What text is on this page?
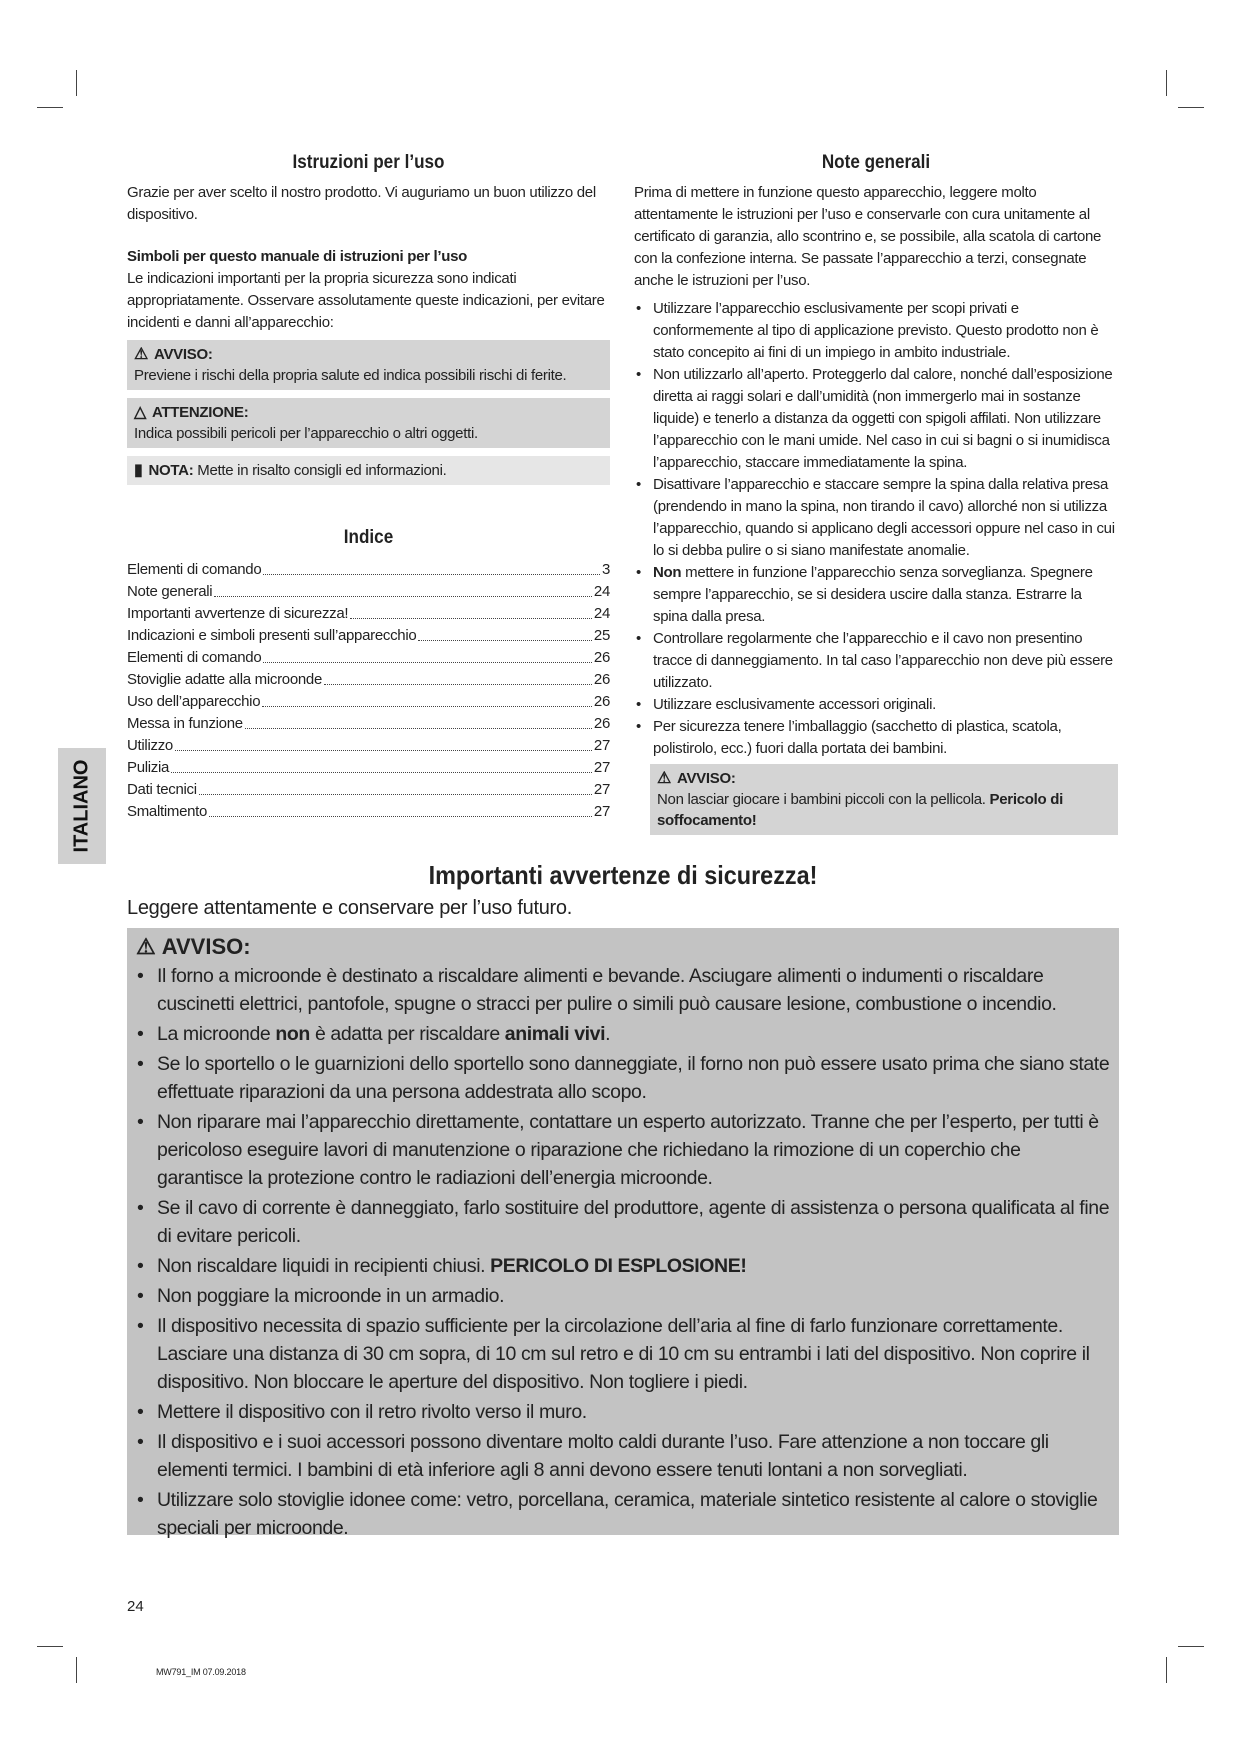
Istruzioni per l’uso

Grazie per aver scelto il nostro prodotto. Vi auguriamo un buon utilizzo del dispositivo.

Simboli per questo manuale di istruzioni per l’uso

Le indicazioni importanti per la propria sicurezza sono indicati appropriatamente. Osservare assolutamente queste indicazioni, per evitare incidenti e danni all’apparecchio:

⚠ AVVISO:
Previene i rischi della propria salute ed indica possibili rischi di ferite.
△ ATTENZIONE:
Indica possibili pericoli per l’apparecchio o altri oggetti.
▮ NOTA: Mette in risalto consigli ed informazioni.
Indice
Elementi di comando	3
Note generali	24
Importanti avvertenze di sicurezza!	24
Indicazioni e simboli presenti sull’apparecchio	25
Elementi di comando	26
Stoviglie adatte alla microonde	26
Uso dell’apparecchio	26
Messa in funzione	26
Utilizzo	27
Pulizia	27
Dati tecnici	27
Smaltimento	27
Note generali

Prima di mettere in funzione questo apparecchio, leggere molto attentamente le istruzioni per l’uso e conservarle con cura unitamente al certificato di garanzia, allo scontrino e, se possibile, alla scatola di cartone con la confezione interna. Se passate l’apparecchio a terzi, consegnate anche le istruzioni per l’uso.

• Utilizzare l’apparecchio esclusivamente per scopi privati e conformemente al tipo di applicazione previsto. Questo prodotto non è stato concepito ai fini di un impiego in ambito industriale.
• Non utilizzarlo all’aperto. Proteggerlo dal calore, nonché dall’esposizione diretta ai raggi solari e dall’umidità (non immergerlo mai in sostanze liquide) e tenerlo a distanza da oggetti con spigoli affilati. Non utilizzare l’apparecchio con le mani umide. Nel caso in cui si bagni o si inumidisca l’apparecchio, staccare immediatamente la spina.
• Disattivare l’apparecchio e staccare sempre la spina dalla relativa presa (prendendo in mano la spina, non tirando il cavo) allorché non si utilizza l’apparecchio, quando si applicano degli accessori oppure nel caso in cui lo si debba pulire o si siano manifestate anomalie.
• Non mettere in funzione l’apparecchio senza sorveglianza. Spegnere sempre l’apparecchio, se si desidera uscire dalla stanza. Estrarre la spina dalla presa.
• Controllare regolarmente che l’apparecchio e il cavo non presentino tracce di danneggiamento. In tal caso l’apparecchio non deve più essere utilizzato.
• Utilizzare esclusivamente accessori originali.
• Per sicurezza tenere l’imballaggio (sacchetto di plastica, scatola, polistirolo, ecc.) fuori dalla portata dei bambini.
⚠ AVVISO:
Non lasciar giocare i bambini piccoli con la pellicola. Pericolo di soffocamento!
ITALIANO
Importanti avvertenze di sicurezza!

Leggere attentamente e conservare per l’uso futuro.

⚠ AVVISO:
• Il forno a microonde è destinato a riscaldare alimenti e bevande. Asciugare alimenti o indumenti o riscaldare cuscinetti elettrici, pantofole, spugne o stracci per pulire o simili può causare lesione, combustione o incendio.
• La microonde non è adatta per riscaldare animali vivi.
• Se lo sportello o le guarnizioni dello sportello sono danneggiate, il forno non può essere usato prima che siano state effettuate riparazioni da una persona addestrata allo scopo.
• Non riparare mai l’apparecchio direttamente, contattare un esperto autorizzato. Tranne che per l’esperto, per tutti è pericoloso eseguire lavori di manutenzione o riparazione che richiedano la rimozione di un coperchio che garantisce la protezione contro le radiazioni dell’energia microonde.
• Se il cavo di corrente è danneggiato, farlo sostituire del produttore, agente di assistenza o persona qualificata al fine di evitare pericoli.
• Non riscaldare liquidi in recipienti chiusi. PERICOLO DI ESPLOSIONE!
• Non poggiare la microonde in un armadio.
• Il dispositivo necessita di spazio sufficiente per la circolazione dell’aria al fine di farlo funzionare correttamente. Lasciare una distanza di 30 cm sopra, di 10 cm sul retro e di 10 cm su entrambi i lati del dispositivo. Non coprire il dispositivo. Non bloccare le aperture del dispositivo. Non togliere i piedi.
• Mettere il dispositivo con il retro rivolto verso il muro.
• Il dispositivo e i suoi accessori possono diventare molto caldi durante l’uso. Fare attenzione a non toccare gli elementi termici. I bambini di età inferiore agli 8 anni devono essere tenuti lontani a non sorvegliati.
• Utilizzare solo stoviglie idonee come: vetro, porcellana, ceramica, materiale sintetico resistente al calore o stoviglie speciali per microonde.
24
MW791_IM 07.09.2018
